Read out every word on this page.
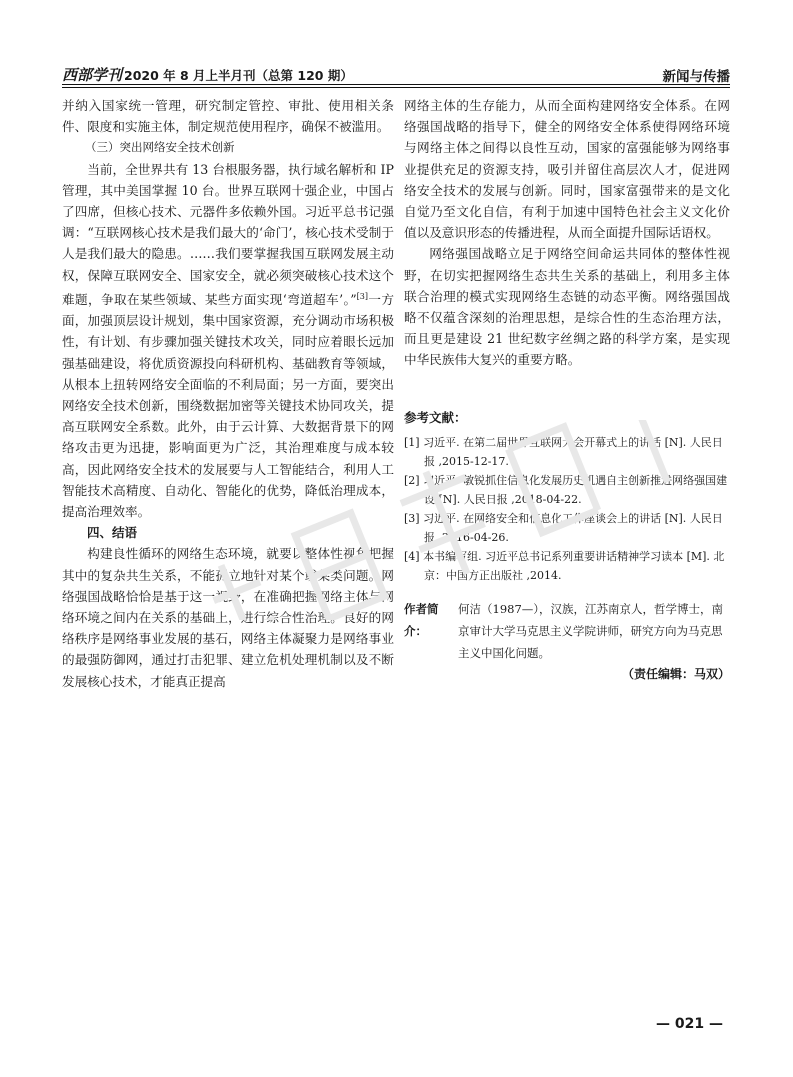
西部学刊 2020 年 8 月上半月刊（总第 120 期）	新闻与传播

并纳入国家统一管理，研究制定管控、审批、使用相关条件、限度和实施主体，制定规范使用程序，确保不被滥用。

（三）突出网络安全技术创新

当前，全世界共有 13 台根服务器，执行域名解析和 IP 管理，其中美国掌握 10 台。世界互联网十强企业，中国占了四席，但核心技术、元器件多依赖外国。习近平总书记强调：“互联网核心技术是我们最大的‘命门’，核心技术受制于人是我们最大的隐患。……我们要掌握我国互联网发展主动权，保障互联网安全、国家安全，就必须突破核心技术这个难题，争取在某些领域、某些方面实现‘弯道超车’。”[3]一方面，加强顶层设计规划，集中国家资源，充分调动市场积极性，有计划、有步骤加强关键技术攻关，同时应着眼长远加强基础建设，将优质资源投向科研机构、基础教育等领域，从根本上扭转网络安全面临的不利局面；另一方面，要突出网络安全技术创新，围绕数据加密等关键技术协同攻关，提高互联网安全系数。此外，由于云计算、大数据背景下的网络攻击更为迅捷，影响面更为广泛，其治理难度与成本较高，因此网络安全技术的发展要与人工智能结合，利用人工智能技术高精度、自动化、智能化的优势，降低治理成本，提高治理效率。

四、结语

构建良性循环的网络生态环境，就要以整体性视角把握其中的复杂共生关系，不能孤立地针对某个或某类问题。网络强国战略恰恰是基于这一视野，在准确把握网络主体与网络环境之间内在关系的基础上，进行综合性治理。良好的网络秩序是网络事业发展的基石，网络主体凝聚力是网络事业的最强防御网，通过打击犯罪、建立危机处理机制以及不断发展核心技术，才能真正提高

网络主体的生存能力，从而全面构建网络安全体系。在网络强国战略的指导下，健全的网络安全体系使得网络环境与网络主体之间得以良性互动，国家的富强能够为网络事业提供充足的资源支持，吸引并留住高层次人才，促进网络安全技术的发展与创新。同时，国家富强带来的是文化自觉乃至文化自信，有利于加速中国特色社会主义文化价值以及意识形态的传播进程，从而全面提升国际话语权。

网络强国战略立足于网络空间命运共同体的整体性视野，在切实把握网络生态共生关系的基础上，利用多主体联合治理的模式实现网络生态链的动态平衡。网络强国战略不仅蕴含深刻的治理思想，是综合性的生态治理方法，而且更是建设 21 世纪数字丝绸之路的科学方案，是实现中华民族伟大复兴的重要方略。

参考文献：

[1] 习近平. 在第二届世界互联网大会开幕式上的讲话 [N]. 人民日报 ,2015-12-17.

[2] 习近平. 敏锐抓住信息化发展历史机遇自主创新推进网络强国建设 [N]. 人民日报 ,2018-04-22.

[3] 习近平. 在网络安全和信息化工作座谈会上的讲话 [N]. 人民日报 ,2016-04-26.

[4] 本书编写组. 习近平总书记系列重要讲话精神学习读本 [M]. 北京：中国方正出版社 ,2014.

作者简介：
何洁（1987—），汉族，江苏南京人，哲学博士，南京审计大学马克思主义学院讲师，研究方向为马克思主义中国化问题。
（责任编辑：马双）
— 021 —
